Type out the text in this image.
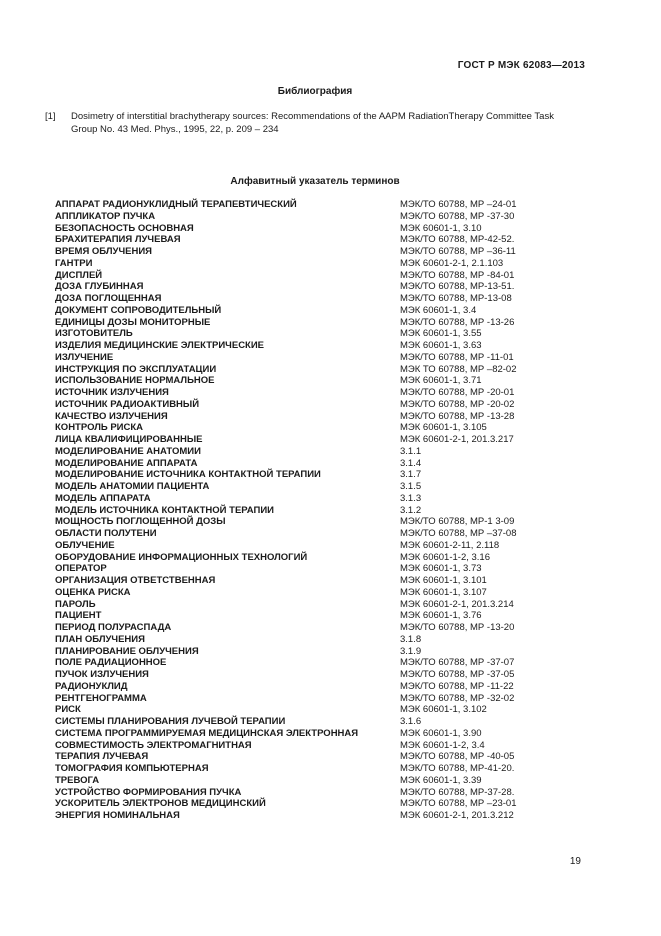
ГОСТ Р МЭК 62083—2013
Библиография
[1]	Dosimetry of interstitial brachytherapy sources: Recommendations of the AAPM RadiationTherapy Committee Task Group No. 43 Med. Phys., 1995, 22, p. 209 – 234
Алфавитный указатель терминов
АППАРАТ РАДИОНУКЛИДНЫЙ ТЕРАПЕВТИЧЕСКИЙ	МЭК/ТО 60788, МР –24-01
АППЛИКАТОР ПУЧКА	МЭК/ТО 60788, МР -37-30
БЕЗОПАСНОСТЬ ОСНОВНАЯ	МЭК 60601-1, 3.10
БРАХИТЕРАПИЯ ЛУЧЕВАЯ	МЭК/ТО 60788, МР-42-52.
ВРЕМЯ ОБЛУЧЕНИЯ	МЭК/ТО 60788, МР –36-11
ГАНТРИ	МЭК 60601-2-1, 2.1.103
ДИСПЛЕЙ	МЭК/ТО 60788, МР -84-01
ДОЗА ГЛУБИННАЯ	МЭК/ТО 60788, МР-13-51.
ДОЗА ПОГЛОЩЕННАЯ	МЭК/ТО 60788, МР-13-08
ДОКУМЕНТ СОПРОВОДИТЕЛЬНЫЙ	МЭК 60601-1, 3.4
ЕДИНИЦЫ ДОЗЫ МОНИТОРНЫЕ	МЭК/ТО 60788, МР -13-26
ИЗГОТОВИТЕЛЬ	МЭК 60601-1, 3.55
ИЗДЕЛИЯ МЕДИЦИНСКИЕ ЭЛЕКТРИЧЕСКИЕ	МЭК 60601-1, 3.63
ИЗЛУЧЕНИЕ	МЭК/ТО 60788, МР -11-01
ИНСТРУКЦИЯ ПО ЭКСПЛУАТАЦИИ	МЭК ТО 60788, МР –82-02
ИСПОЛЬЗОВАНИЕ НОРМАЛЬНОЕ	МЭК 60601-1, 3.71
ИСТОЧНИК ИЗЛУЧЕНИЯ	МЭК/ТО 60788, МР -20-01
ИСТОЧНИК РАДИОАКТИВНЫЙ	МЭК/ТО 60788, МР -20-02
КАЧЕСТВО ИЗЛУЧЕНИЯ	МЭК/ТО 60788, МР -13-28
КОНТРОЛЬ РИСКА	МЭК 60601-1, 3.105
ЛИЦА КВАЛИФИЦИРОВАННЫЕ	МЭК 60601-2-1, 201.3.217
МОДЕЛИРОВАНИЕ АНАТОМИИ	3.1.1
МОДЕЛИРОВАНИЕ АППАРАТА	3.1.4
МОДЕЛИРОВАНИЕ ИСТОЧНИКА КОНТАКТНОЙ ТЕРАПИИ	3.1.7
МОДЕЛЬ АНАТОМИИ ПАЦИЕНТА	3.1.5
МОДЕЛЬ АППАРАТА	3.1.3
МОДЕЛЬ ИСТОЧНИКА КОНТАКТНОЙ ТЕРАПИИ	3.1.2
МОЩНОСТЬ ПОГЛОЩЕННОЙ ДОЗЫ	МЭК/ТО 60788, МР-1 3-09
ОБЛАСТИ ПОЛУТЕНИ	МЭК/ТО 60788, МР –37-08
ОБЛУЧЕНИЕ	МЭК 60601-2-11, 2.118
ОБОРУДОВАНИЕ ИНФОРМАЦИОННЫХ ТЕХНОЛОГИЙ	МЭК 60601-1-2, 3.16
ОПЕРАТОР	МЭК 60601-1, 3.73
ОРГАНИЗАЦИЯ ОТВЕТСТВЕННАЯ	МЭК 60601-1, 3.101
ОЦЕНКА РИСКА	МЭК 60601-1, 3.107
ПАРОЛЬ	МЭК 60601-2-1, 201.3.214
ПАЦИЕНТ	МЭК 60601-1, 3.76
ПЕРИОД ПОЛУРАСПАДА	МЭК/ТО 60788, МР -13-20
ПЛАН ОБЛУЧЕНИЯ	3.1.8
ПЛАНИРОВАНИЕ ОБЛУЧЕНИЯ	3.1.9
ПОЛЕ РАДИАЦИОННОЕ	МЭК/ТО 60788, МР -37-07
ПУЧОК ИЗЛУЧЕНИЯ	МЭК/ТО 60788, МР -37-05
РАДИОНУКЛИД	МЭК/ТО 60788, МР -11-22
РЕНТГЕНОГРАММА	МЭК/ТО 60788, МР -32-02
РИСК	МЭК 60601-1, 3.102
СИСТЕМЫ ПЛАНИРОВАНИЯ ЛУЧЕВОЙ ТЕРАПИИ	3.1.6
СИСТЕМА ПРОГРАММИРУЕМАЯ МЕДИЦИНСКАЯ ЭЛЕКТРОННАЯ	МЭК 60601-1, 3.90
СОВМЕСТИМОСТЬ ЭЛЕКТРОМАГНИТНАЯ	МЭК 60601-1-2, 3.4
ТЕРАПИЯ ЛУЧЕВАЯ	МЭК/ТО 60788, МР -40-05
ТОМОГРАФИЯ КОМПЬЮТЕРНАЯ	МЭК/ТО 60788, МР-41-20.
ТРЕВОГА	МЭК 60601-1, 3.39
УСТРОЙСТВО ФОРМИРОВАНИЯ ПУЧКА	МЭК/ТО 60788, МР-37-28.
УСКОРИТЕЛЬ ЭЛЕКТРОНОВ МЕДИЦИНСКИЙ	МЭК/ТО 60788, МР –23-01
ЭНЕРГИЯ НОМИНАЛЬНАЯ	МЭК 60601-2-1, 201.3.212
19
